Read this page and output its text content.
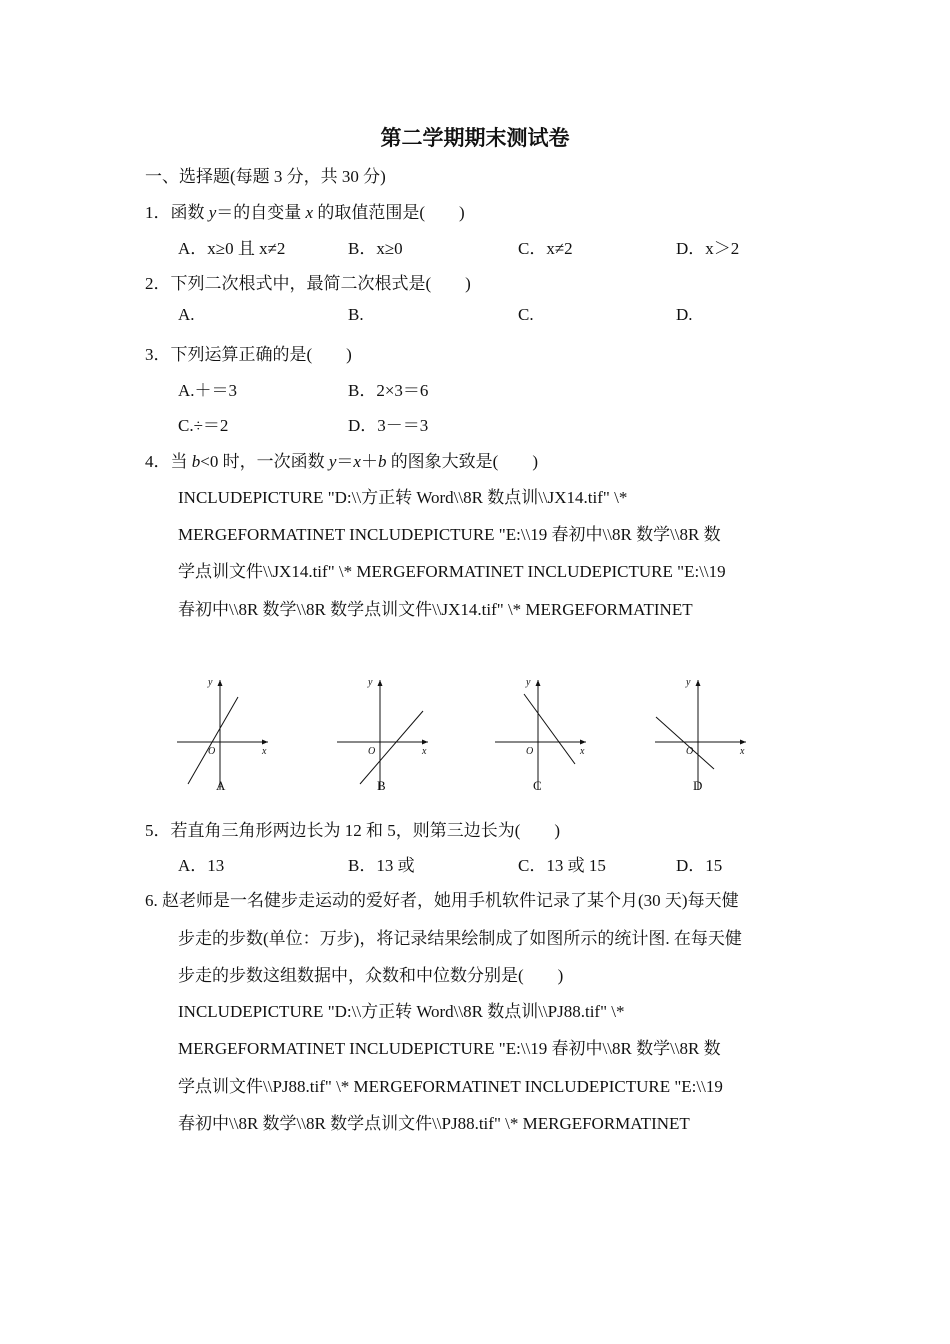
第二学期期末测试卷
一、选择题(每题 3 分，共 30 分)
1．函数 y＝的自变量 x 的取值范围是(　　)
A．x≥0 且 x≠2	B．x≥0	C．x≠2	D．x＞2
2．下列二次根式中，最简二次根式是(　　)
A.	B.	C.	D.
3．下列运算正确的是(　　)
A.＋＝3	B．2×3＝6
C.÷＝2	D．3－＝3
4．当 b<0 时，一次函数 y＝x＋b 的图象大致是(　　)
INCLUDEPICTURE "D:\\方正转 Word\\8R 数点训\\JX14.tif" \*
MERGEFORMATINET INCLUDEPICTURE "E:\\19 春初中\\8R 数学\\8R 数
学点训文件\\JX14.tif" \* MERGEFORMATINET INCLUDEPICTURE "E:\\19
春初中\\8R 数学\\8R 数学点训文件\\JX14.tif" \* MERGEFORMATINET
y
x
O
A
y
x
O
B
y
x
O
C
y
x
O
D
5．若直角三角形两边长为 12 和 5，则第三边长为(　　)
A．13	B．13 或	C．13 或 15	D．15
6. 赵老师是一名健步走运动的爱好者，她用手机软件记录了某个月(30 天)每天健
步走的步数(单位：万步)，将记录结果绘制成了如图所示的统计图. 在每天健
步走的步数这组数据中，众数和中位数分别是(　　)
INCLUDEPICTURE "D:\\方正转 Word\\8R 数点训\\PJ88.tif" \*
MERGEFORMATINET INCLUDEPICTURE "E:\\19 春初中\\8R 数学\\8R 数
学点训文件\\PJ88.tif" \* MERGEFORMATINET INCLUDEPICTURE "E:\\19
春初中\\8R 数学\\8R 数学点训文件\\PJ88.tif" \* MERGEFORMATINET
